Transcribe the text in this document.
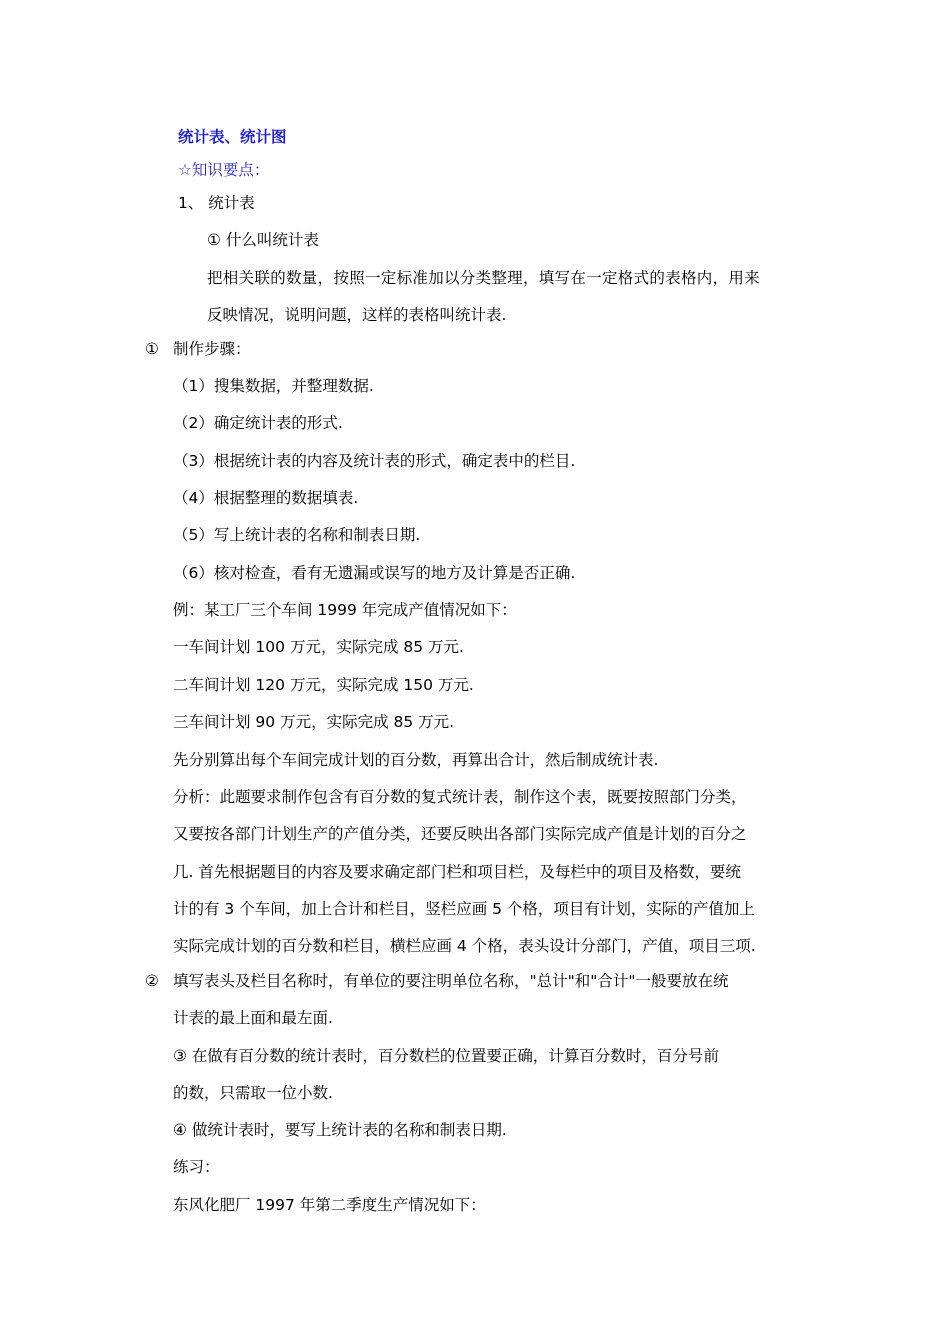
统计表、统计图
☆知识要点：
1、 统计表
① 什么叫统计表
把相关联的数量，按照一定标准加以分类整理，填写在一定格式的表格内，用来
反映情况，说明问题，这样的表格叫统计表.
① 制作步骤：
（1）搜集数据，并整理数据.
（2）确定统计表的形式.
（3）根据统计表的内容及统计表的形式，确定表中的栏目.
（4）根据整理的数据填表.
（5）写上统计表的名称和制表日期.
（6）核对检查，看有无遗漏或误写的地方及计算是否正确.
例：某工厂三个车间 1999 年完成产值情况如下：
一车间计划 100 万元，实际完成 85 万元.
二车间计划 120 万元，实际完成 150 万元.
三车间计划 90 万元，实际完成 85 万元.
先分别算出每个车间完成计划的百分数，再算出合计，然后制成统计表.
分析：此题要求制作包含有百分数的复式统计表，制作这个表，既要按照部门分类，
又要按各部门计划生产的产值分类，还要反映出各部门实际完成产值是计划的百分之
几. 首先根据题目的内容及要求确定部门栏和项目栏，及每栏中的项目及格数，要统
计的有 3 个车间，加上合计和栏目，竖栏应画 5 个格，项目有计划，实际的产值加上
实际完成计划的百分数和栏目，横栏应画 4 个格，表头设计分部门，产值，项目三项.
② 填写表头及栏目名称时，有单位的要注明单位名称，"总计"和"合计"一般要放在统
计表的最上面和最左面.
③ 在做有百分数的统计表时，百分数栏的位置要正确，计算百分数时，百分号前
的数，只需取一位小数.
④ 做统计表时，要写上统计表的名称和制表日期.
练习：
东风化肥厂 1997 年第二季度生产情况如下：
